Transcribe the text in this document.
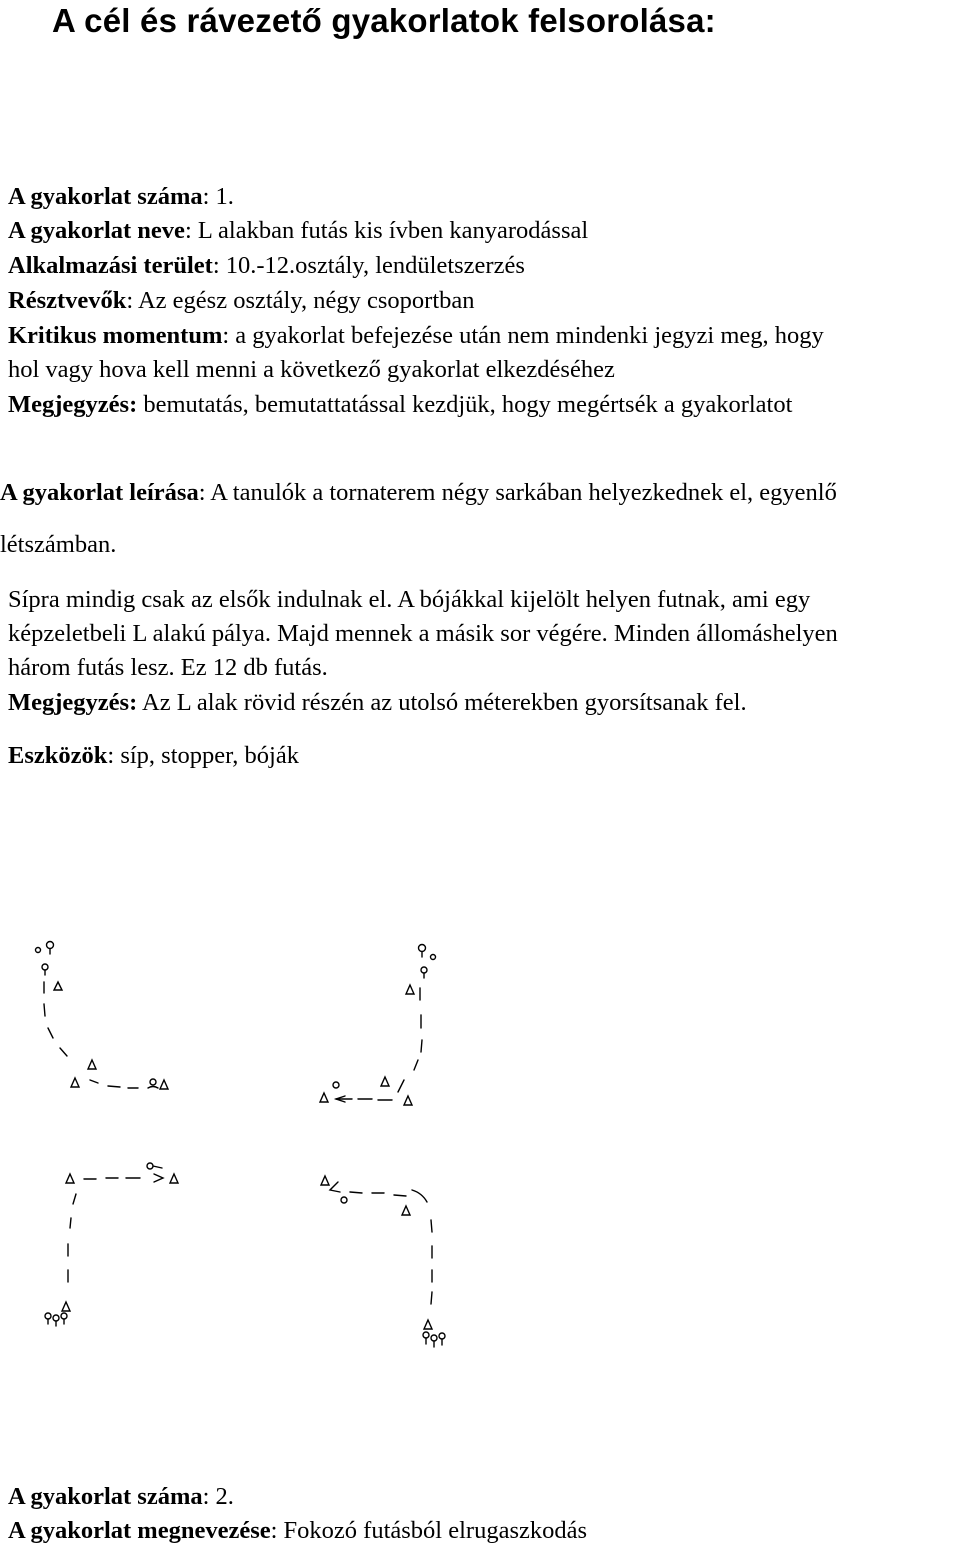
A cél és rávezető gyakorlatok felsorolása:
A gyakorlat száma: 1.
A gyakorlat neve: L alakban futás kis ívben kanyarodással
Alkalmazási terület: 10.-12.osztály, lendületszerzés
Résztvevők: Az egész osztály, négy csoportban
Kritikus momentum: a gyakorlat befejezése után nem mindenki jegyzi meg, hogy
hol vagy hova kell menni a következő gyakorlat elkezdéséhez
Megjegyzés: bemutatás, bemutattatással kezdjük, hogy megértsék a gyakorlatot
A gyakorlat leírása: A tanulók a tornaterem négy sarkában helyezkednek el, egyenlő
létszámban.
Sípra mindig csak az elsők indulnak el. A bójákkal kijelölt helyen futnak, ami egy
képzeletbeli L alakú pálya. Majd mennek a másik sor végére. Minden állomáshelyen
három futás lesz. Ez 12 db futás.
Megjegyzés: Az L alak rövid részén az utolsó méterekben gyorsítsanak fel.
Eszközök: síp, stopper, bóják
A gyakorlat száma: 2.
A gyakorlat megnevezése: Fokozó futásból elrugaszkodás
